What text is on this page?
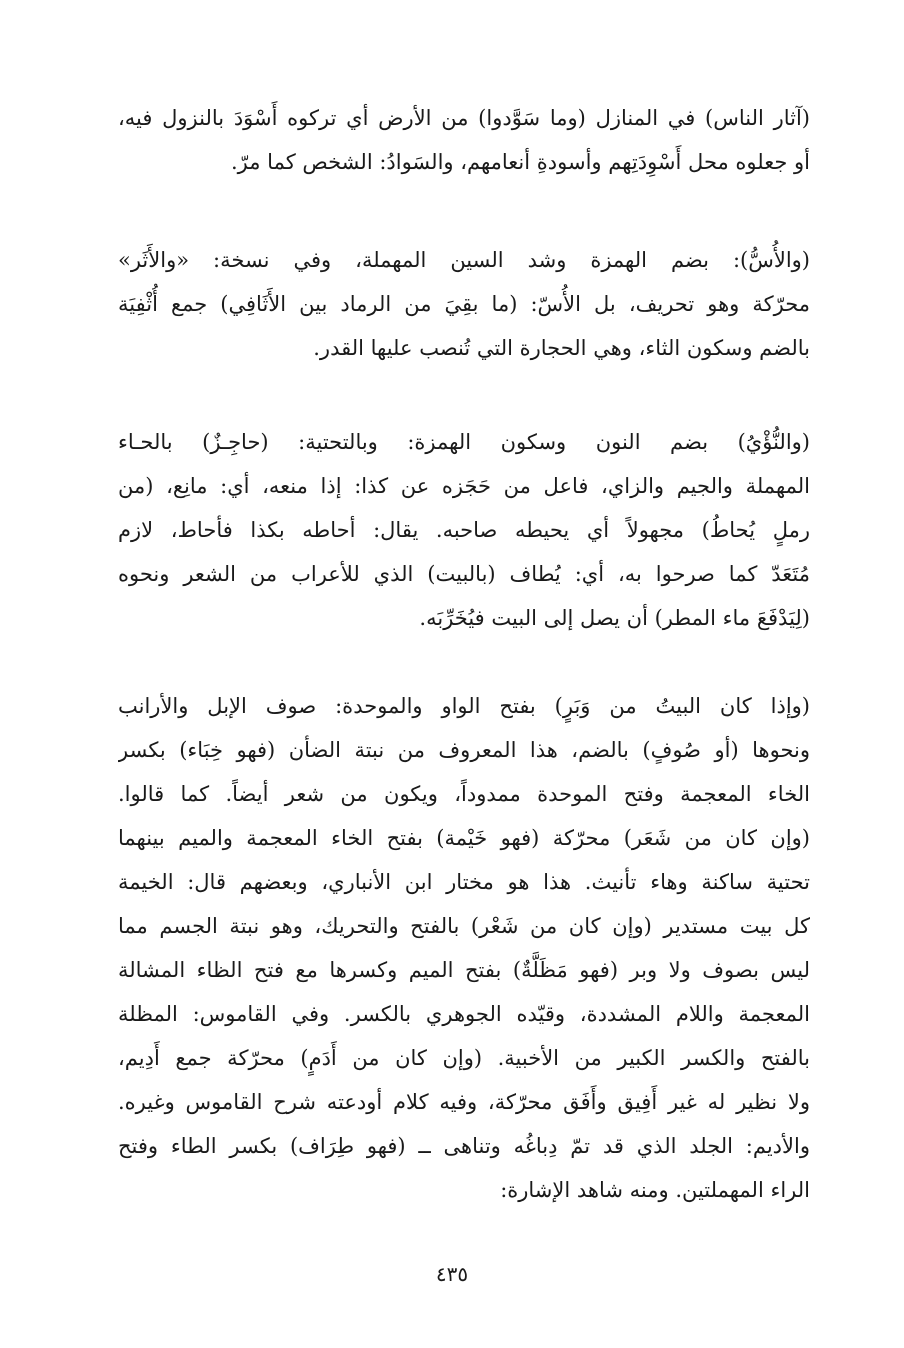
(آثار الناس) في المنازل (وما سَوَّدوا) من الأرض أي تركوه أَسْوَدَ بالنزول فيه،
أو جعلوه محل أَسْوِدَتِهم وأسودةِ أنعامهم، والسَوادُ: الشخص كما مرّ.
(والأُسُّ): بضم الهمزة وشد السين المهملة، وفي نسخة: «والأَثَر»
محرّكة وهو تحريف، بل الأُسّ: (ما بقِيَ من الرماد بين الأَثَافِي) جمع أُثْفِيَة
بالضم وسكون الثاء، وهي الحجارة التي تُنصب عليها القدر.
(والنُّؤْيُ) بضم النون وسكون الهمزة: وبالتحتية: (حاجِـزٌ) بالحـاء
المهملة والجيم والزاي، فاعل من حَجَزه عن كذا: إذا منعه، أي: مانِع، (من
رملٍ يُحاطُ) مجهولاً أي يحيطه صاحبه. يقال: أحاطه بكذا فأحاط، لازم
مُتَعَدّ كما صرحوا به، أي: يُطاف (بالبيت) الذي للأعراب من الشعر ونحوه
(لِيَدْفَعَ ماء المطر) أن يصل إلى البيت فيُخَرِّبَه.
(وإذا كان البيتُ من وَبَرٍ) بفتح الواو والموحدة: صوف الإبل والأرانب
ونحوها (أو صُوفٍ) بالضم، هذا المعروف من نبتة الضأن (فهو خِبَاء) بكسر
الخاء المعجمة وفتح الموحدة ممدوداً، ويكون من شعر أيضاً. كما قالوا.
(وإن كان من شَعَر) محرّكة (فهو خَيْمة) بفتح الخاء المعجمة والميم بينهما
تحتية ساكنة وهاء تأنيث. هذا هو مختار ابن الأنباري، وبعضهم قال: الخيمة
كل بيت مستدير (وإن كان من شَعْر) بالفتح والتحريك، وهو نبتة الجسم مما
ليس بصوف ولا وبر (فهو مَظَلَّةٌ) بفتح الميم وكسرها مع فتح الظاء المشالة
المعجمة واللام المشددة، وقيّده الجوهري بالكسر. وفي القاموس: المظلة
بالفتح والكسر الكبير من الأخبية. (وإن كان من أَدَمٍ) محرّكة جمع أَدِيم،
ولا نظير له غير أَفِيق وأَفَق محرّكة، وفيه كلام أودعته شرح القاموس وغيره.
والأديم: الجلد الذي قد تمّ دِباغُه وتناهى ــ (فهو طِرَاف) بكسر الطاء وفتح
الراء المهملتين. ومنه شاهد الإشارة:
٤٣٥
